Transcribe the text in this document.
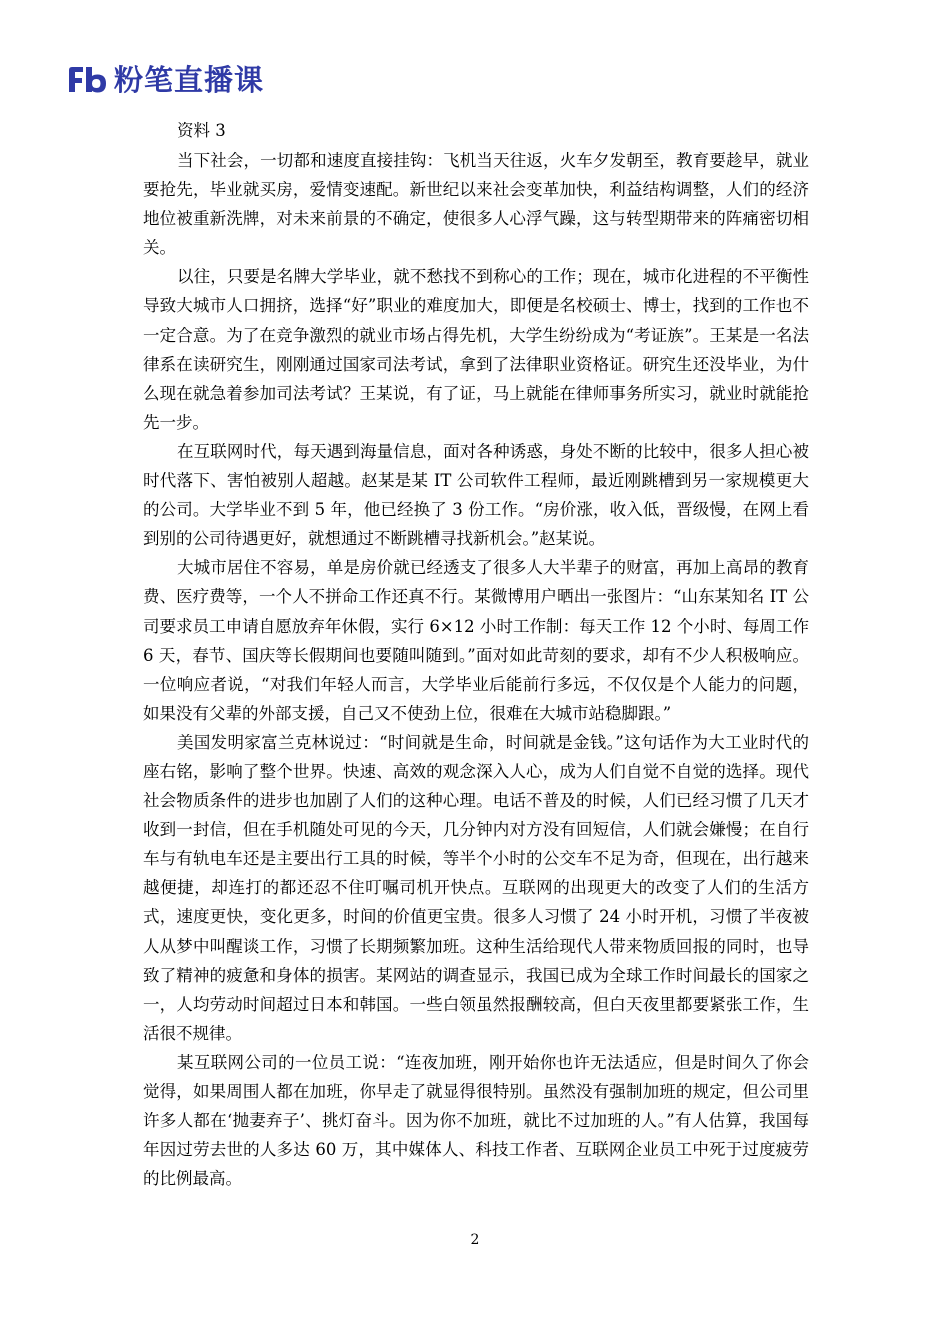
粉笔直播课

资料 3

当下社会，一切都和速度直接挂钩：飞机当天往返，火车夕发朝至，教育要趁早，就业要抢先，毕业就买房，爱情变速配。新世纪以来社会变革加快，利益结构调整，人们的经济地位被重新洗牌，对未来前景的不确定，使很多人心浮气躁，这与转型期带来的阵痛密切相关。

以往，只要是名牌大学毕业，就不愁找不到称心的工作；现在，城市化进程的不平衡性导致大城市人口拥挤，选择“好”职业的难度加大，即便是名校硕士、博士，找到的工作也不一定合意。为了在竞争激烈的就业市场占得先机，大学生纷纷成为“考证族”。王某是一名法律系在读研究生，刚刚通过国家司法考试，拿到了法律职业资格证。研究生还没毕业，为什么现在就急着参加司法考试？王某说，有了证，马上就能在律师事务所实习，就业时就能抢先一步。

在互联网时代，每天遇到海量信息，面对各种诱惑，身处不断的比较中，很多人担心被时代落下、害怕被别人超越。赵某是某 IT 公司软件工程师，最近刚跳槽到另一家规模更大的公司。大学毕业不到 5 年，他已经换了 3 份工作。“房价涨，收入低，晋级慢，在网上看到别的公司待遇更好，就想通过不断跳槽寻找新机会。”赵某说。

大城市居住不容易，单是房价就已经透支了很多人大半辈子的财富，再加上高昂的教育费、医疗费等，一个人不拼命工作还真不行。某微博用户晒出一张图片：“山东某知名 IT 公司要求员工申请自愿放弃年休假，实行 6×12 小时工作制：每天工作 12 个小时、每周工作 6 天，春节、国庆等长假期间也要随叫随到。”面对如此苛刻的要求，却有不少人积极响应。一位响应者说，“对我们年轻人而言，大学毕业后能前行多远，不仅仅是个人能力的问题，如果没有父辈的外部支援，自己又不使劲上位，很难在大城市站稳脚跟。”

美国发明家富兰克林说过：“时间就是生命，时间就是金钱。”这句话作为大工业时代的座右铭，影响了整个世界。快速、高效的观念深入人心，成为人们自觉不自觉的选择。现代社会物质条件的进步也加剧了人们的这种心理。电话不普及的时候，人们已经习惯了几天才收到一封信，但在手机随处可见的今天，几分钟内对方没有回短信，人们就会嫌慢；在自行车与有轨电车还是主要出行工具的时候，等半个小时的公交车不足为奇，但现在，出行越来越便捷，却连打的都还忍不住叮嘱司机开快点。互联网的出现更大的改变了人们的生活方式，速度更快，变化更多，时间的价值更宝贵。很多人习惯了 24 小时开机，习惯了半夜被人从梦中叫醒谈工作，习惯了长期频繁加班。这种生活给现代人带来物质回报的同时，也导致了精神的疲惫和身体的损害。某网站的调查显示，我国已成为全球工作时间最长的国家之一，人均劳动时间超过日本和韩国。一些白领虽然报酬较高，但白天夜里都要紧张工作，生活很不规律。

某互联网公司的一位员工说：“连夜加班，刚开始你也许无法适应，但是时间久了你会觉得，如果周围人都在加班，你早走了就显得很特别。虽然没有强制加班的规定，但公司里许多人都在‘抛妻弃子’、挑灯奋斗。因为你不加班，就比不过加班的人。”有人估算，我国每年因过劳去世的人多达 60 万，其中媒体人、科技工作者、互联网企业员工中死于过度疲劳的比例最高。

2
